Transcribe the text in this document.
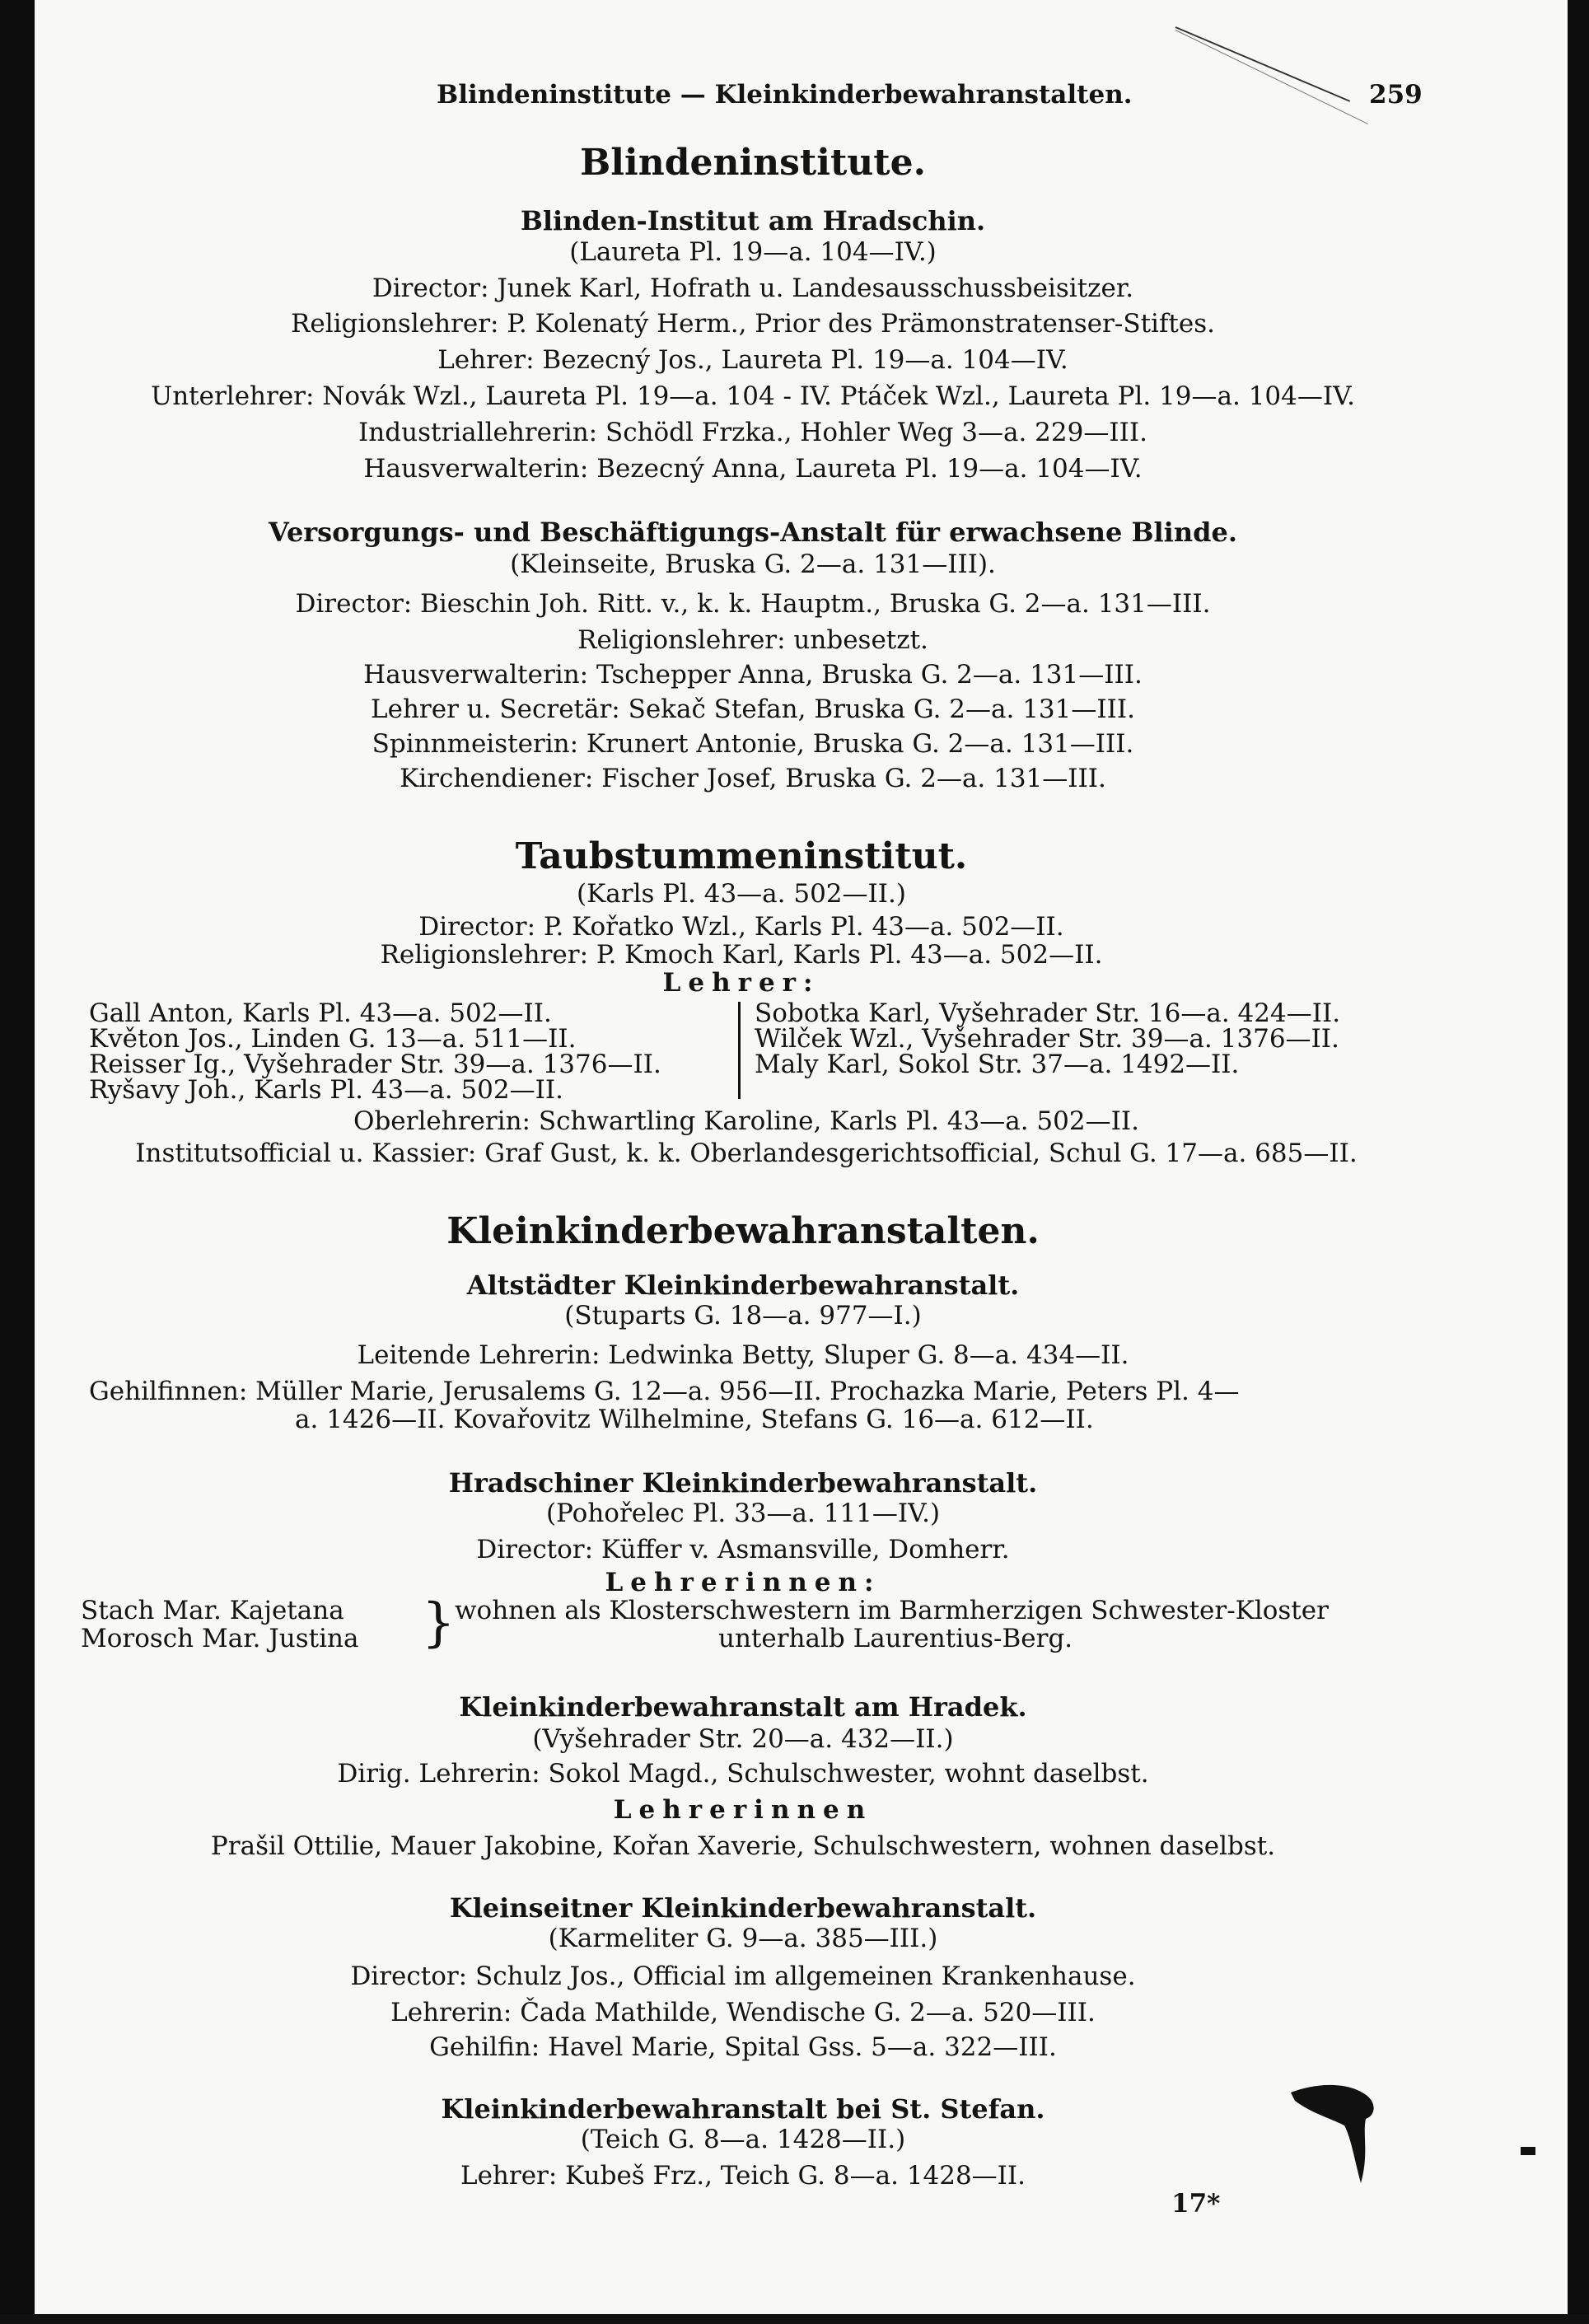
Blindeninstitute — Kleinkinderbewahranstalten.	259
Blindeninstitute.
Blinden-Institut am Hradschin.
(Laureta Pl. 19—a. 104—IV.)
Director: Junek Karl, Hofrath u. Landesausschussbeisitzer.
Religionslehrer: P. Kolenatý Herm., Prior des Prämonstratenser-Stiftes.
Lehrer: Bezecný Jos., Laureta Pl. 19—a. 104—IV.
Unterlehrer: Novák Wzl., Laureta Pl. 19—a. 104 - IV. Ptáček Wzl., Laureta Pl. 19—a. 104—IV.
Industriallehrerin: Schödl Frzka., Hohler Weg 3—a. 229—III.
Hausverwalterin: Bezecný Anna, Laureta Pl. 19—a. 104—IV.
Versorgungs- und Beschäftigungs-Anstalt für erwachsene Blinde.
(Kleinseite, Bruska G. 2—a. 131—III).
Director: Bieschin Joh. Ritt. v., k. k. Hauptm., Bruska G. 2—a. 131—III.
Religionslehrer: unbesetzt.
Hausverwalterin: Tschepper Anna, Bruska G. 2—a. 131—III.
Lehrer u. Secretär: Sekač Stefan, Bruska G. 2—a. 131—III.
Spinnmeisterin: Krunert Antonie, Bruska G. 2—a. 131—III.
Kirchendiener: Fischer Josef, Bruska G. 2—a. 131—III.
Taubstummeninstitut.
(Karls Pl. 43—a. 502—II.)
Director: P. Kořatko Wzl., Karls Pl. 43—a. 502—II.
Religionslehrer: P. Kmoch Karl, Karls Pl. 43—a. 502—II.
Lehrer:
Gall Anton, Karls Pl. 43—a. 502—II.
Květon Jos., Linden G. 13—a. 511—II.
Reisser Ig., Vyšehrader Str. 39—a. 1376—II.
Ryšavy Joh., Karls Pl. 43—a. 502—II.
Sobotka Karl, Vyšehrader Str. 16—a. 424—II.
Wilček Wzl., Vyšehrader Str. 39—a. 1376—II.
Maly Karl, Sokol Str. 37—a. 1492—II.
Oberlehrerin: Schwartling Karoline, Karls Pl. 43—a. 502—II.
Institutsofficial u. Kassier: Graf Gust, k. k. Oberlandesgerichtsofficial, Schul G. 17—a. 685—II.
Kleinkinderbewahranstalten.
Altstädter Kleinkinderbewahranstalt.
(Stuparts G. 18—a. 977—I.)
Leitende Lehrerin: Ledwinka Betty, Sluper G. 8—a. 434—II.
Gehilfinnen: Müller Marie, Jerusalems G. 12—a. 956—II. Prochazka Marie, Peters Pl. 4—
a. 1426—II. Kovařovitz Wilhelmine, Stefans G. 16—a. 612—II.
Hradschiner Kleinkinderbewahranstalt.
(Pohořelec Pl. 33—a. 111—IV.)
Director: Küffer v. Asmansville, Domherr.
Lehrerinnen:
Stach Mar. Kajetana
Morosch Mar. Justina } wohnen als Klosterschwestern im Barmherzigen Schwester-Kloster
unterhalb Laurentius-Berg.
Kleinkinderbewahranstalt am Hradek.
(Vyšehrader Str. 20—a. 432—II.)
Dirig. Lehrerin: Sokol Magd., Schulschwester, wohnt daselbst.
Lehrerinnen
Prašil Ottilie, Mauer Jakobine, Kořan Xaverie, Schulschwestern, wohnen daselbst.
Kleinseitner Kleinkinderbewahranstalt.
(Karmeliter G. 9—a. 385—III.)
Director: Schulz Jos., Official im allgemeinen Krankenhause.
Lehrerin: Čada Mathilde, Wendische G. 2—a. 520—III.
Gehilfin: Havel Marie, Spital Gss. 5—a. 322—III.
Kleinkinderbewahranstalt bei St. Stefan.
(Teich G. 8—a. 1428—II.)
Lehrer: Kubeš Frz., Teich G. 8—a. 1428—II.
17*
